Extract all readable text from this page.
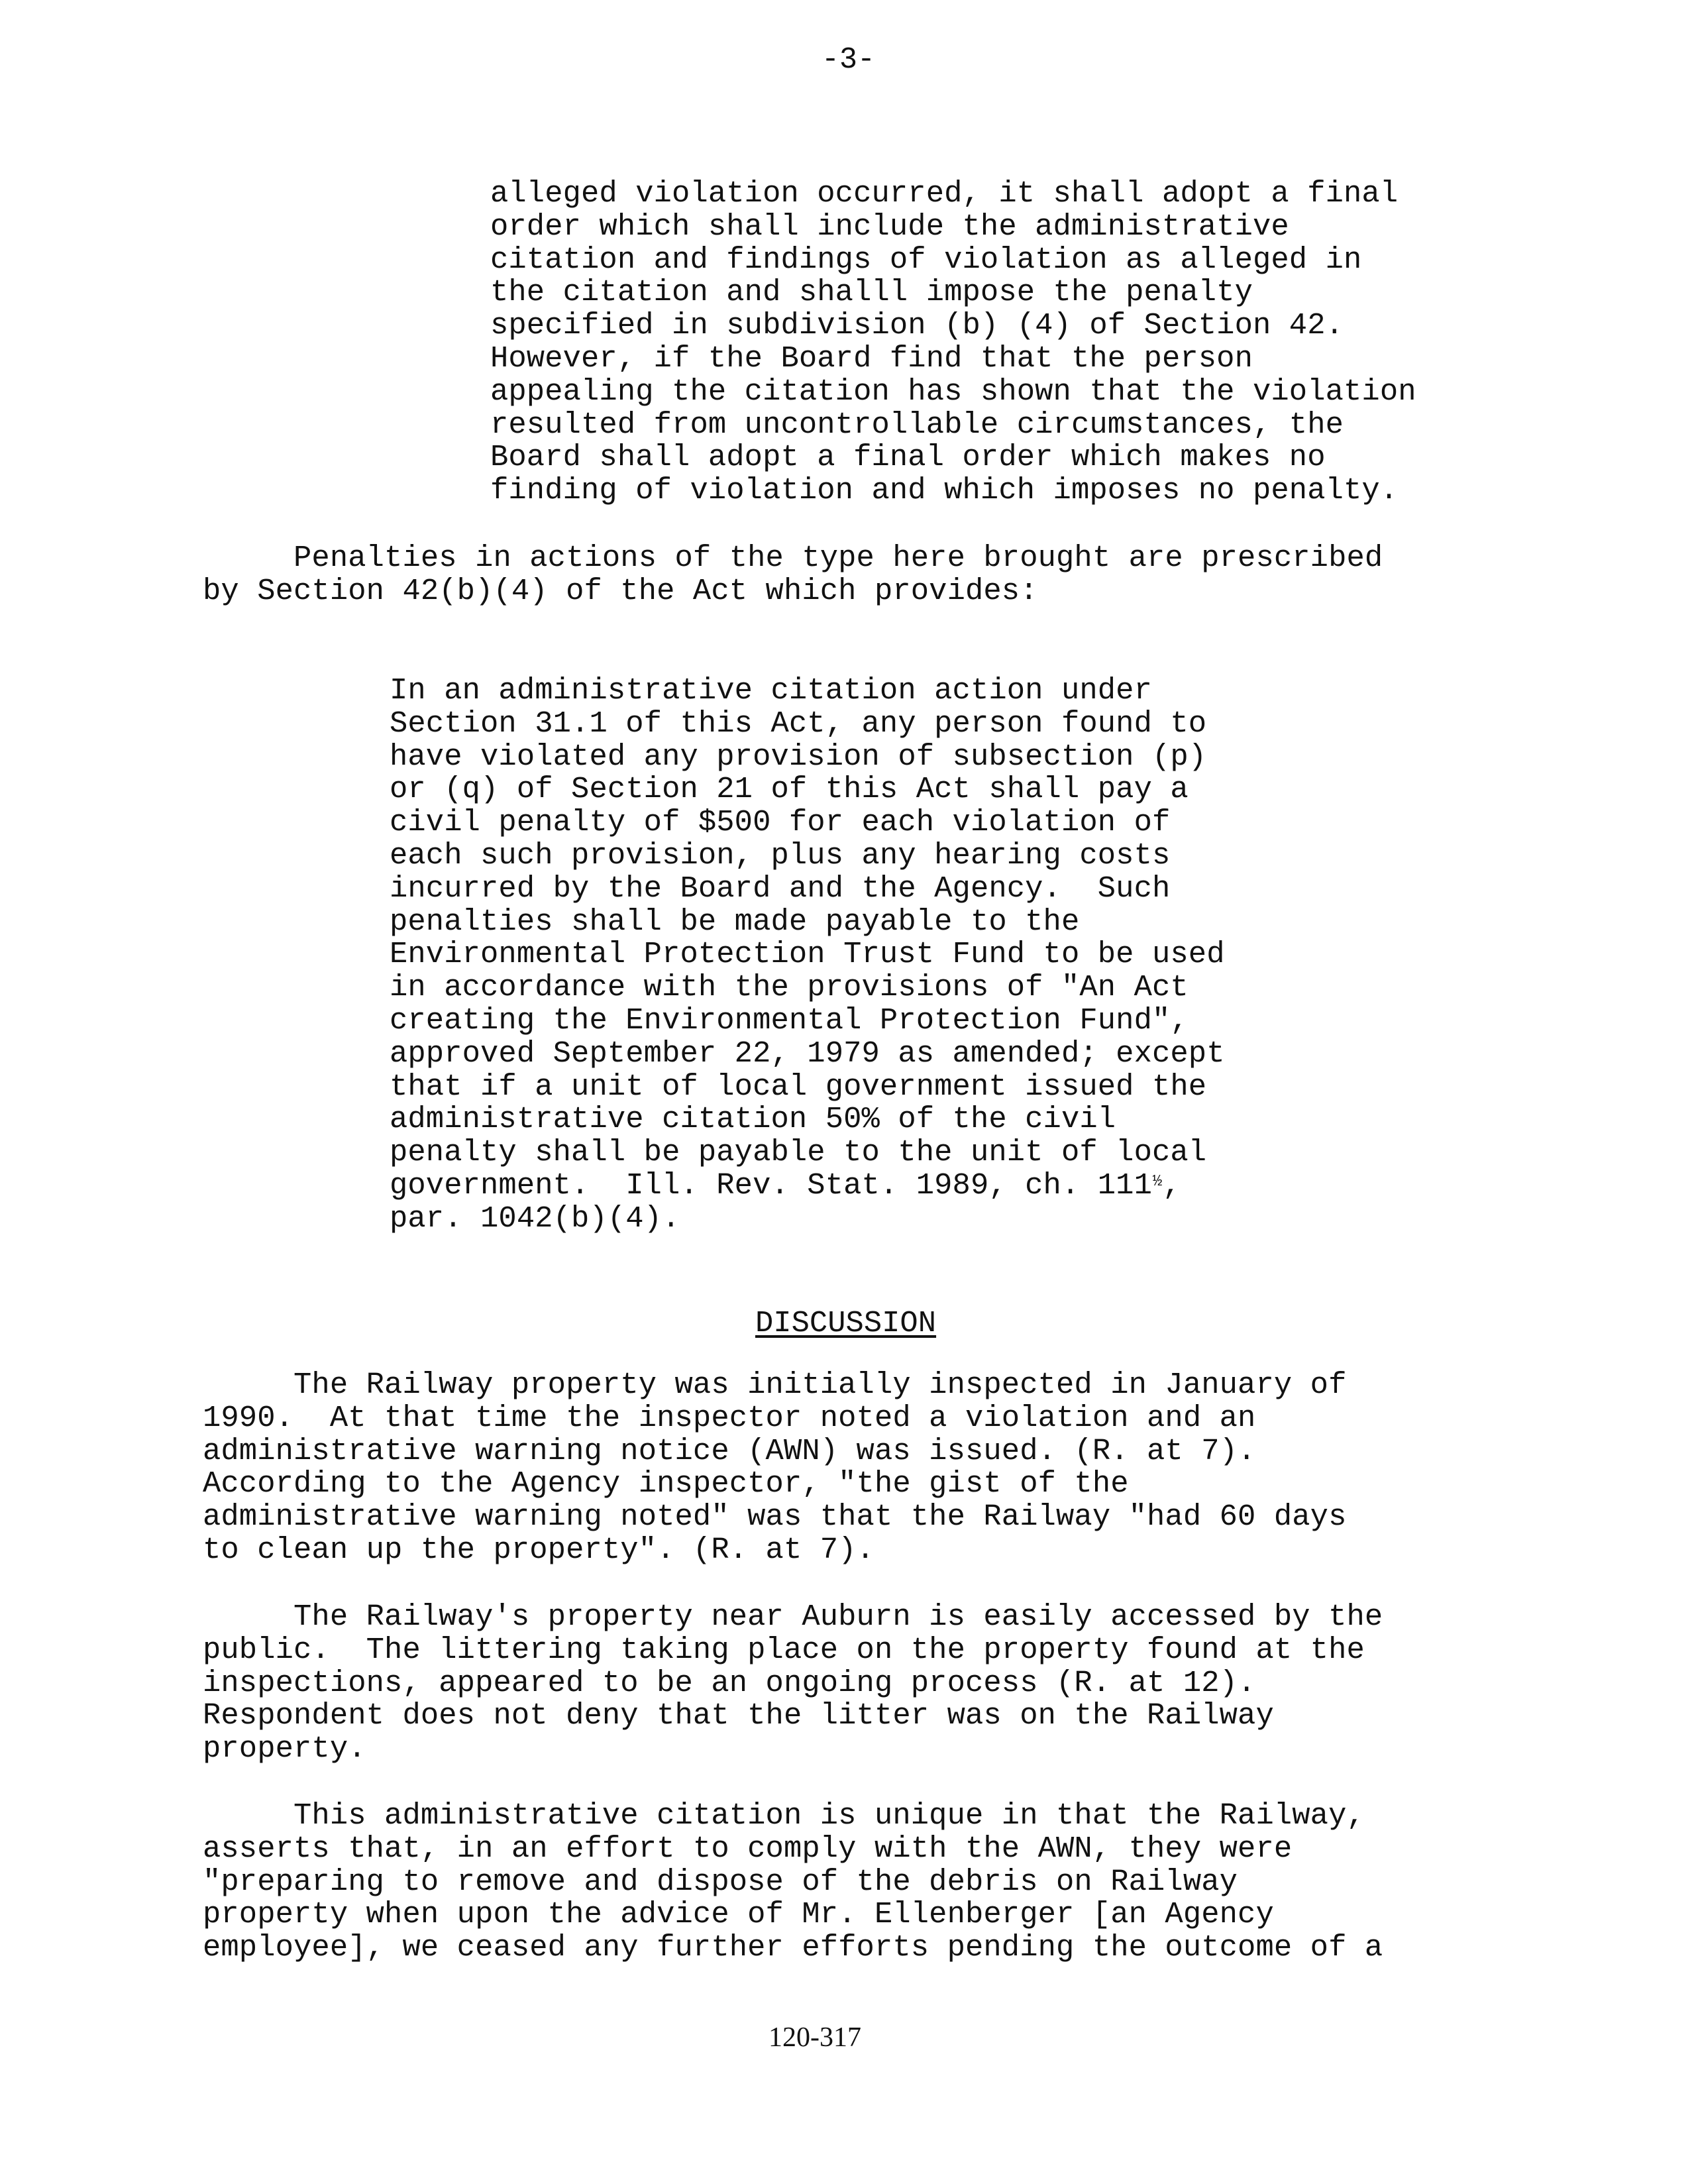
-3-
alleged violation occurred, it shall adopt a final
order which shall include the administrative
citation and findings of violation as alleged in
the citation and shalll impose the penalty
specified in subdivision (b) (4) of Section 42.
However, if the Board find that the person
appealing the citation has shown that the violation
resulted from uncontrollable circumstances, the
Board shall adopt a final order which makes no
finding of violation and which imposes no penalty.
Penalties in actions of the type here brought are prescribed
by Section 42(b)(4) of the Act which provides:
In an administrative citation action under
Section 31.1 of this Act, any person found to
have violated any provision of subsection (p)
or (q) of Section 21 of this Act shall pay a
civil penalty of $500 for each violation of
each such provision, plus any hearing costs
incurred by the Board and the Agency.  Such
penalties shall be made payable to the
Environmental Protection Trust Fund to be used
in accordance with the provisions of "An Act
creating the Environmental Protection Fund",
approved September 22, 1979 as amended; except
that if a unit of local government issued the
administrative citation 50% of the civil
penalty shall be payable to the unit of local
government.  Ill. Rev. Stat. 1989, ch. 111½,
par. 1042(b)(4).
DISCUSSION
The Railway property was initially inspected in January of
1990.  At that time the inspector noted a violation and an
administrative warning notice (AWN) was issued. (R. at 7).
According to the Agency inspector, "the gist of the
administrative warning noted" was that the Railway "had 60 days
to clean up the property". (R. at 7).
The Railway's property near Auburn is easily accessed by the
public.  The littering taking place on the property found at the
inspections, appeared to be an ongoing process (R. at 12).
Respondent does not deny that the litter was on the Railway
property.
This administrative citation is unique in that the Railway,
asserts that, in an effort to comply with the AWN, they were
"preparing to remove and dispose of the debris on Railway
property when upon the advice of Mr. Ellenberger [an Agency
employee], we ceased any further efforts pending the outcome of a
120-317
